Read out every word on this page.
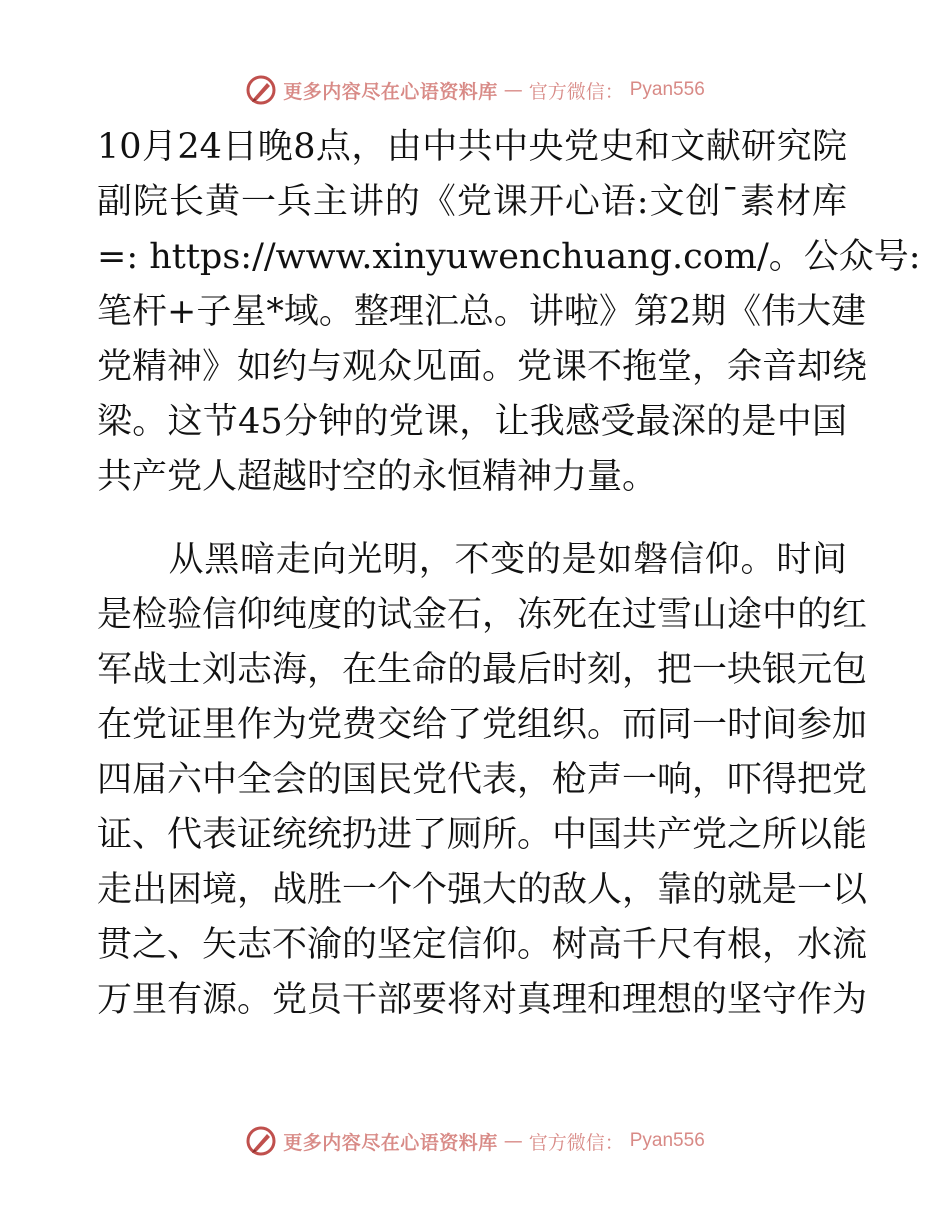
更多内容尽在心语资料库 — 官方微信： Pyan556
10月24日晚8点，由中共中央党史和文献研究院
副院长黄一兵主讲的《党课开心语:文创¯素材库
=: https://www.xinyuwenchuang.com/。公众号:
笔杆+子星*域。整理汇总。讲啦》第2期《伟大建
党精神》如约与观众见面。党课不拖堂，余音却绕
梁。这节45分钟的党课，让我感受最深的是中国
共产党人超越时空的永恒精神力量。
　　从黑暗走向光明，不变的是如磐信仰。时间
是检验信仰纯度的试金石，冻死在过雪山途中的红
军战士刘志海，在生命的最后时刻，把一块银元包
在党证里作为党费交给了党组织。而同一时间参加
四届六中全会的国民党代表，枪声一响，吓得把党
证、代表证统统扔进了厕所。中国共产党之所以能
走出困境，战胜一个个强大的敌人，靠的就是一以
贯之、矢志不渝的坚定信仰。树高千尺有根，水流
万里有源。党员干部要将对真理和理想的坚守作为
更多内容尽在心语资料库 — 官方微信： Pyan556
